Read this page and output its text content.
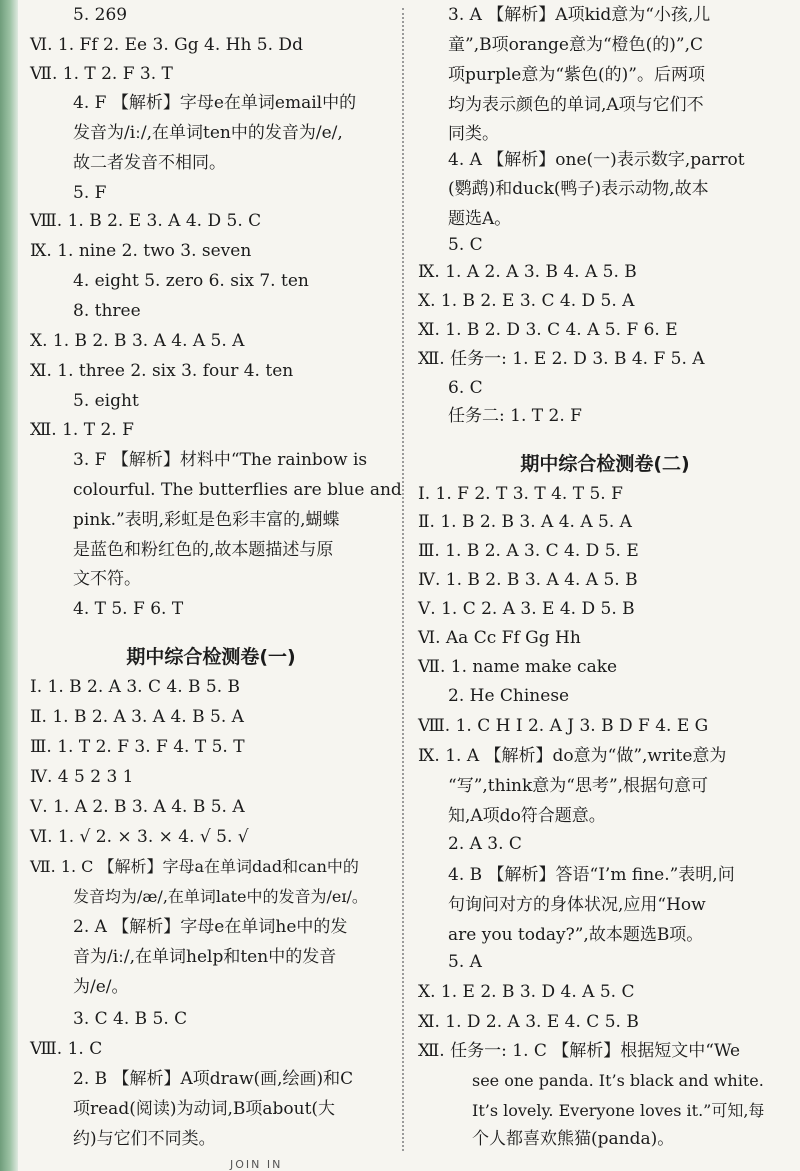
5. 269
Ⅵ. 1. Ff 2. Ee 3. Gg 4. Hh 5. Dd
Ⅶ. 1. T 2. F 3. T
4. F 【解析】字母e在单词email中的
发音为/iː/,在单词ten中的发音为/e/,
故二者发音不相同。
5. F
Ⅷ. 1. B 2. E 3. A 4. D 5. C
Ⅸ. 1. nine 2. two 3. seven
4. eight 5. zero 6. six 7. ten
8. three
Ⅹ. 1. B 2. B 3. A 4. A 5. A
Ⅺ. 1. three 2. six 3. four 4. ten
5. eight
Ⅻ. 1. T 2. F
3. F 【解析】材料中“The rainbow is
colourful. The butterflies are blue and
pink.”表明,彩虹是色彩丰富的,蝴蝶
是蓝色和粉红色的,故本题描述与原
文不符。
4. T 5. F 6. T
期中综合检测卷(一)
Ⅰ. 1. B 2. A 3. C 4. B 5. B
Ⅱ. 1. B 2. A 3. A 4. B 5. A
Ⅲ. 1. T 2. F 3. F 4. T 5. T
Ⅳ. 4 5 2 3 1
Ⅴ. 1. A 2. B 3. A 4. B 5. A
Ⅵ. 1. √ 2. × 3. × 4. √ 5. √
Ⅶ. 1. C 【解析】字母a在单词dad和can中的
发音均为/æ/,在单词late中的发音为/eɪ/。
2. A 【解析】字母e在单词he中的发
音为/iː/,在单词help和ten中的发音
为/e/。
3. C 4. B 5. C
Ⅷ. 1. C
2. B 【解析】A项draw(画,绘画)和C
项read(阅读)为动词,B项about(大
约)与它们不同类。
3. A 【解析】A项kid意为“小孩,儿
童”,B项orange意为“橙色(的)”,C
项purple意为“紫色(的)”。后两项
均为表示颜色的单词,A项与它们不
同类。
4. A 【解析】one(一)表示数字,parrot
(鹦鹉)和duck(鸭子)表示动物,故本
题选A。
5. C
Ⅸ. 1. A 2. A 3. B 4. A 5. B
Ⅹ. 1. B 2. E 3. C 4. D 5. A
Ⅺ. 1. B 2. D 3. C 4. A 5. F 6. E
Ⅻ. 任务一: 1. E 2. D 3. B 4. F 5. A
6. C
任务二: 1. T 2. F
期中综合检测卷(二)
Ⅰ. 1. F 2. T 3. T 4. T 5. F
Ⅱ. 1. B 2. B 3. A 4. A 5. A
Ⅲ. 1. B 2. A 3. C 4. D 5. E
Ⅳ. 1. B 2. B 3. A 4. A 5. B
Ⅴ. 1. C 2. A 3. E 4. D 5. B
Ⅵ. Aa Cc Ff Gg Hh
Ⅶ. 1. name make cake
2. He Chinese
Ⅷ. 1. C H I 2. A J 3. B D F 4. E G
Ⅸ. 1. A 【解析】do意为“做”,write意为
“写”,think意为“思考”,根据句意可
知,A项do符合题意。
2. A 3. C
4. B 【解析】答语“I’m fine.”表明,问
句询问对方的身体状况,应用“How
are you today?”,故本题选B项。
5. A
Ⅹ. 1. E 2. B 3. D 4. A 5. C
Ⅺ. 1. D 2. A 3. E 4. C 5. B
Ⅻ. 任务一: 1. C 【解析】根据短文中“We
see one panda. It’s black and white.
It’s lovely. Everyone loves it.”可知,每
个人都喜欢熊猫(panda)。
JOIN IN
